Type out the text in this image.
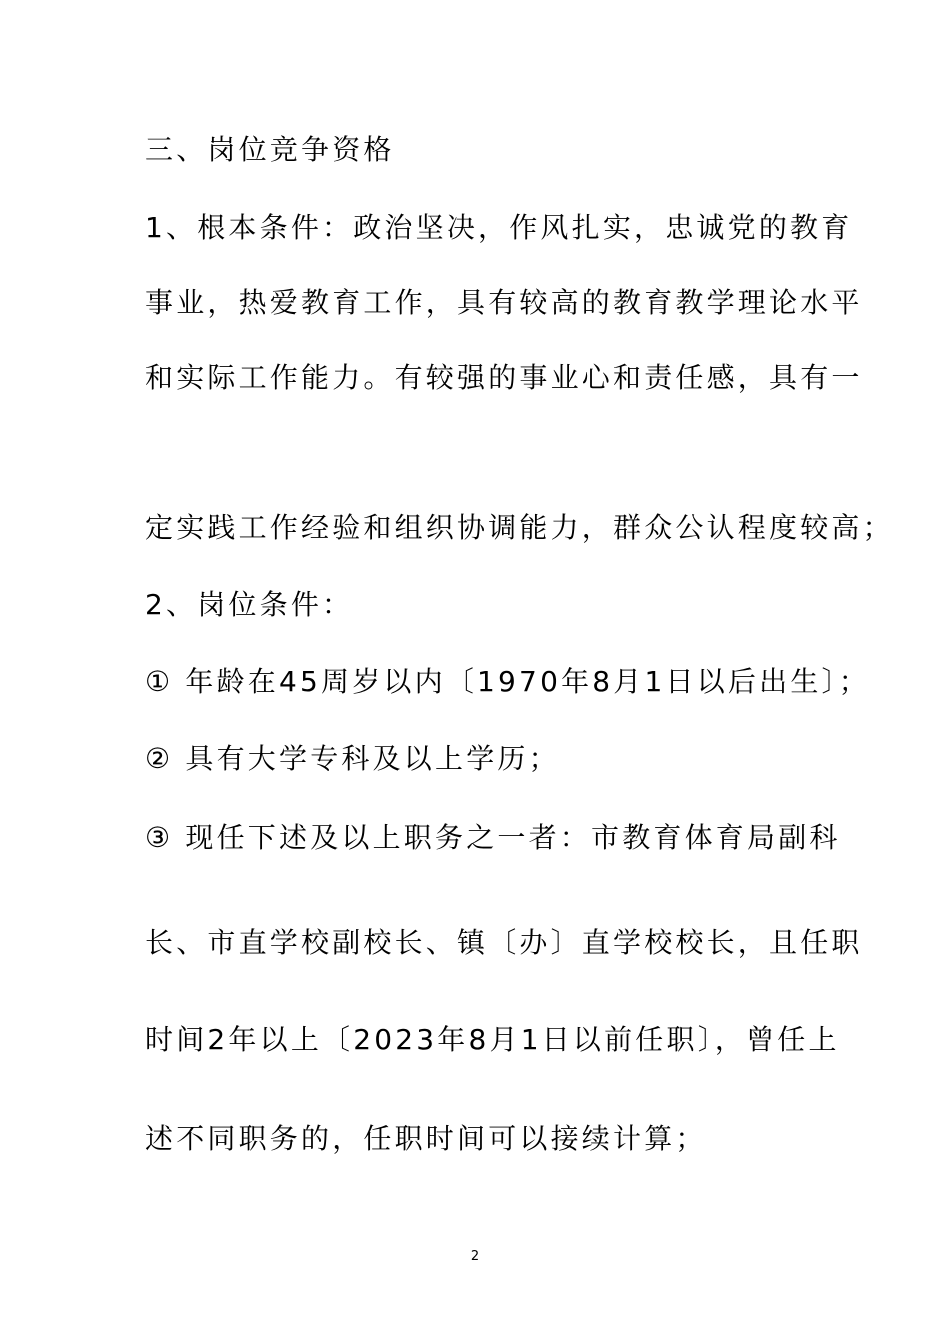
三、岗位竞争资格
1、根本条件：政治坚决，作风扎实，忠诚党的教育
事业，热爱教育工作，具有较高的教育教学理论水平
和实际工作能力。有较强的事业心和责任感，具有一
定实践工作经验和组织协调能力，群众公认程度较高；
2、岗位条件：
① 年龄在45周岁以内〔1970年8月1日以后出生〕；
② 具有大学专科及以上学历；
③ 现任下述及以上职务之一者：市教育体育局副科
长、市直学校副校长、镇〔办〕直学校校长，且任职
时间2年以上〔2023年8月1日以前任职〕，曾任上
述不同职务的，任职时间可以接续计算；
2
